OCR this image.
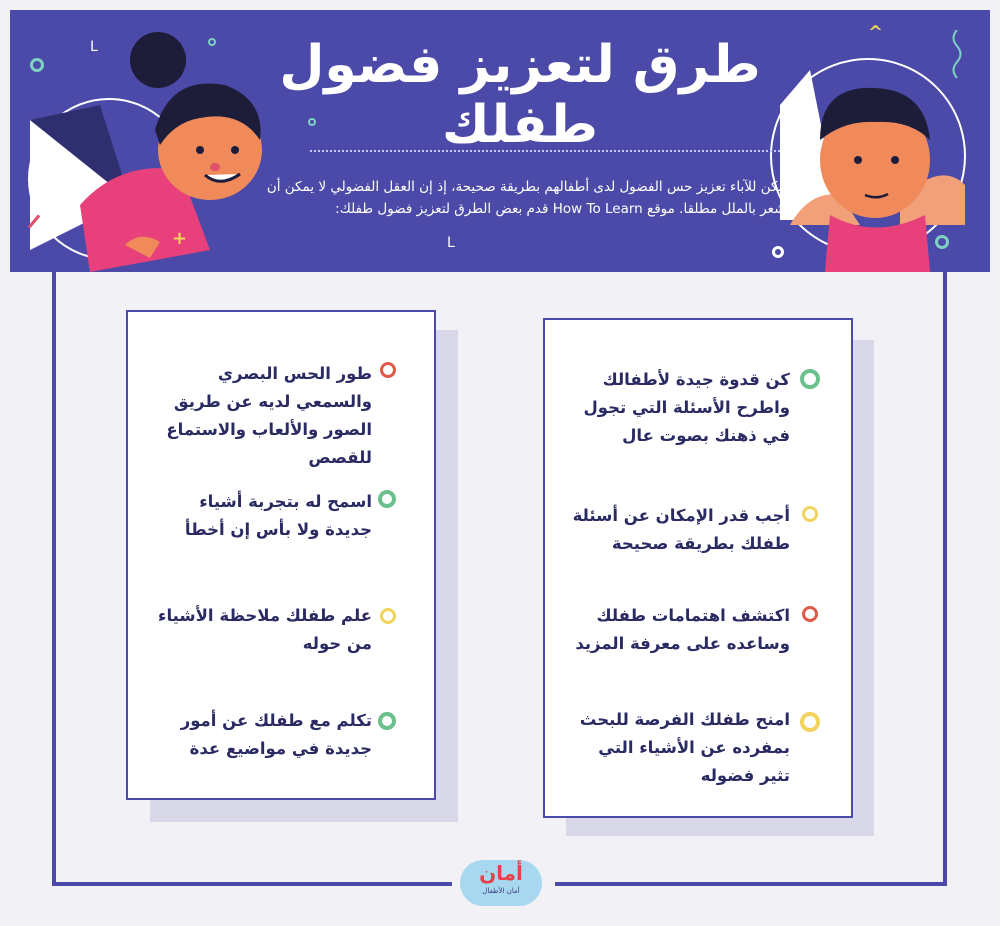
+
^
L
L
طرق لتعزيز فضول طفلك
يمكن للآباء تعزيز حس الفضول لدى أطفالهم بطريقة صحيحة، إذ إن العقل الفضولي لا يمكن أن يشعر بالملل مطلقا. موقع How To Learn قدم بعض الطرق لتعزيز فضول طفلك:
طور الحس البصري والسمعي لديه عن طريق الصور والألعاب والاستماع للقصص
اسمح له بتجربة أشياء جديدة ولا بأس إن أخطأ
علم طفلك ملاحظة الأشياء من حوله
تكلم مع طفلك عن أمور جديدة في مواضيع عدة
كن قدوة جيدة لأطفالك واطرح الأسئلة التي تجول في ذهنك بصوت عال
أجب قدر الإمكان عن أسئلة طفلك بطريقة صحيحة
اكتشف اهتمامات طفلك وساعده على معرفة المزيد
امنح طفلك الفرصة للبحث بمفرده عن الأشياء التي تثير فضوله
أمان
أمان الأطفال
